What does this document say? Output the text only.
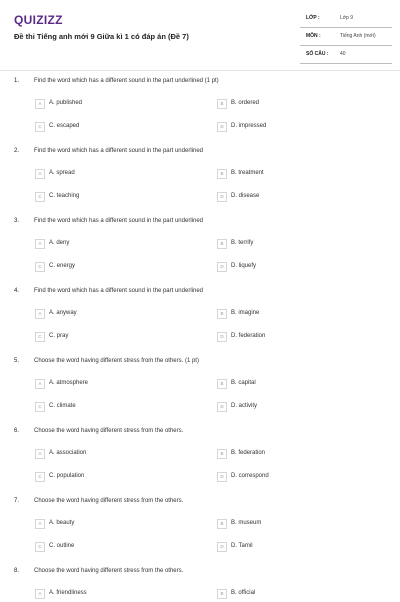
QUIZIZZ
Đề thi Tiếng anh mới 9 Giữa kì 1 có đáp án (Đề 7)
LỚP :	Lớp 9
MÔN :	Tiếng Anh (mới)
SỐ CÂU : 40
1. Find the word which has a different sound in the part underlined (1 pt)
A	A. published	B	B. ordered
C	C. escaped	D	D. impressed
2. Find the word which has a different sound in the part underlined
A	A. spread	B	B. treatment
C	C. teaching	D	D. disease
3. Find the word which has a different sound in the part underlined
A	A. deny	B	B. terrify
C	C. energy	D	D. liquefy
4. Find the word which has a different sound in the part underlined
A	A. anyway	B	B. imagine
C	C. pray	D	D. federation
5. Choose the word having different stress from the others. (1 pt)
A	A. atmosphere	B	B. capital
C	C. climate	D	D. activity
6. Choose the word having different stress from the others.
A	A. association	B	B. federation
C	C. population	D	D. correspond
7. Choose the word having different stress from the others.
A	A. beauty	B	B. museum
C	C. outline	D	D. Tamil
8. Choose the word having different stress from the others.
A	A. friendliness	B	B. official
